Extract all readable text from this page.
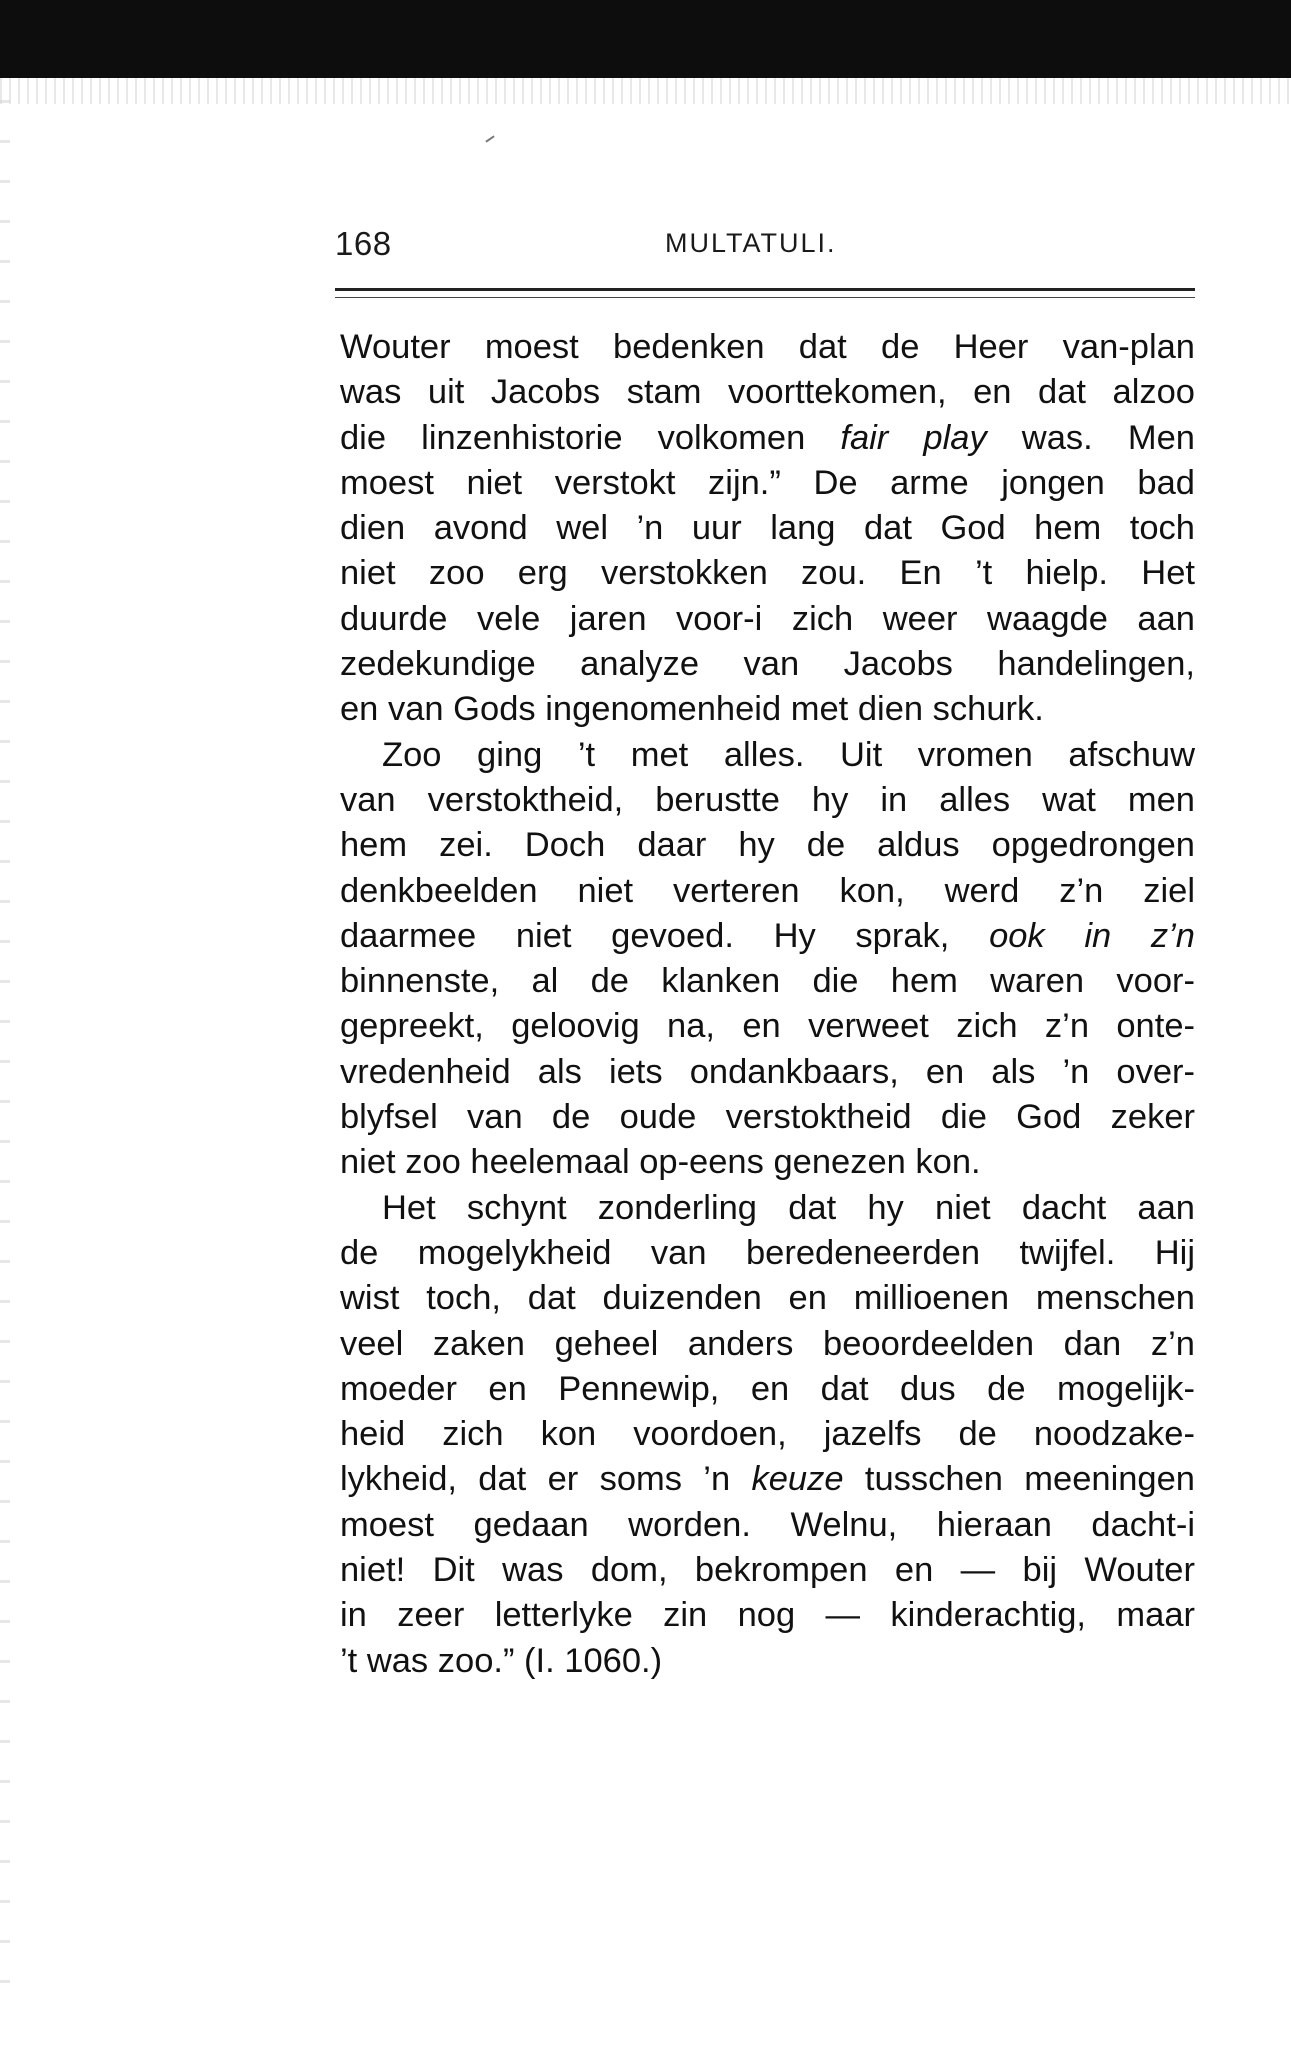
168	MULTATULI.
Wouter moest bedenken dat de Heer van-plan
was uit Jacobs stam voorttekomen, en dat alzoo
die linzenhistorie volkomen fair play was. Men
moest niet verstokt zijn.” De arme jongen bad
dien avond wel ’n uur lang dat God hem toch
niet zoo erg verstokken zou. En ’t hielp. Het
duurde vele jaren voor-i zich weer waagde aan
zedekundige analyze van Jacobs handelingen,
en van Gods ingenomenheid met dien schurk.
Zoo ging ’t met alles. Uit vromen afschuw
van verstoktheid, berustte hy in alles wat men
hem zei. Doch daar hy de aldus opgedrongen
denkbeelden niet verteren kon, werd z’n ziel
daarmee niet gevoed. Hy sprak, ook in z’n
binnenste, al de klanken die hem waren voor-
gepreekt, geloovig na, en verweet zich z’n onte-
vredenheid als iets ondankbaars, en als ’n over-
blyfsel van de oude verstoktheid die God zeker
niet zoo heelemaal op-eens genezen kon.
Het schynt zonderling dat hy niet dacht aan
de mogelykheid van beredeneerden twijfel. Hij
wist toch, dat duizenden en millioenen menschen
veel zaken geheel anders beoordeelden dan z’n
moeder en Pennewip, en dat dus de mogelijk-
heid zich kon voordoen, jazelfs de noodzake-
lykheid, dat er soms ’n keuze tusschen meeningen
moest gedaan worden. Welnu, hieraan dacht-i
niet! Dit was dom, bekrompen en — bij Wouter
in zeer letterlyke zin nog — kinderachtig, maar
’t was zoo.” (I. 1060.)
